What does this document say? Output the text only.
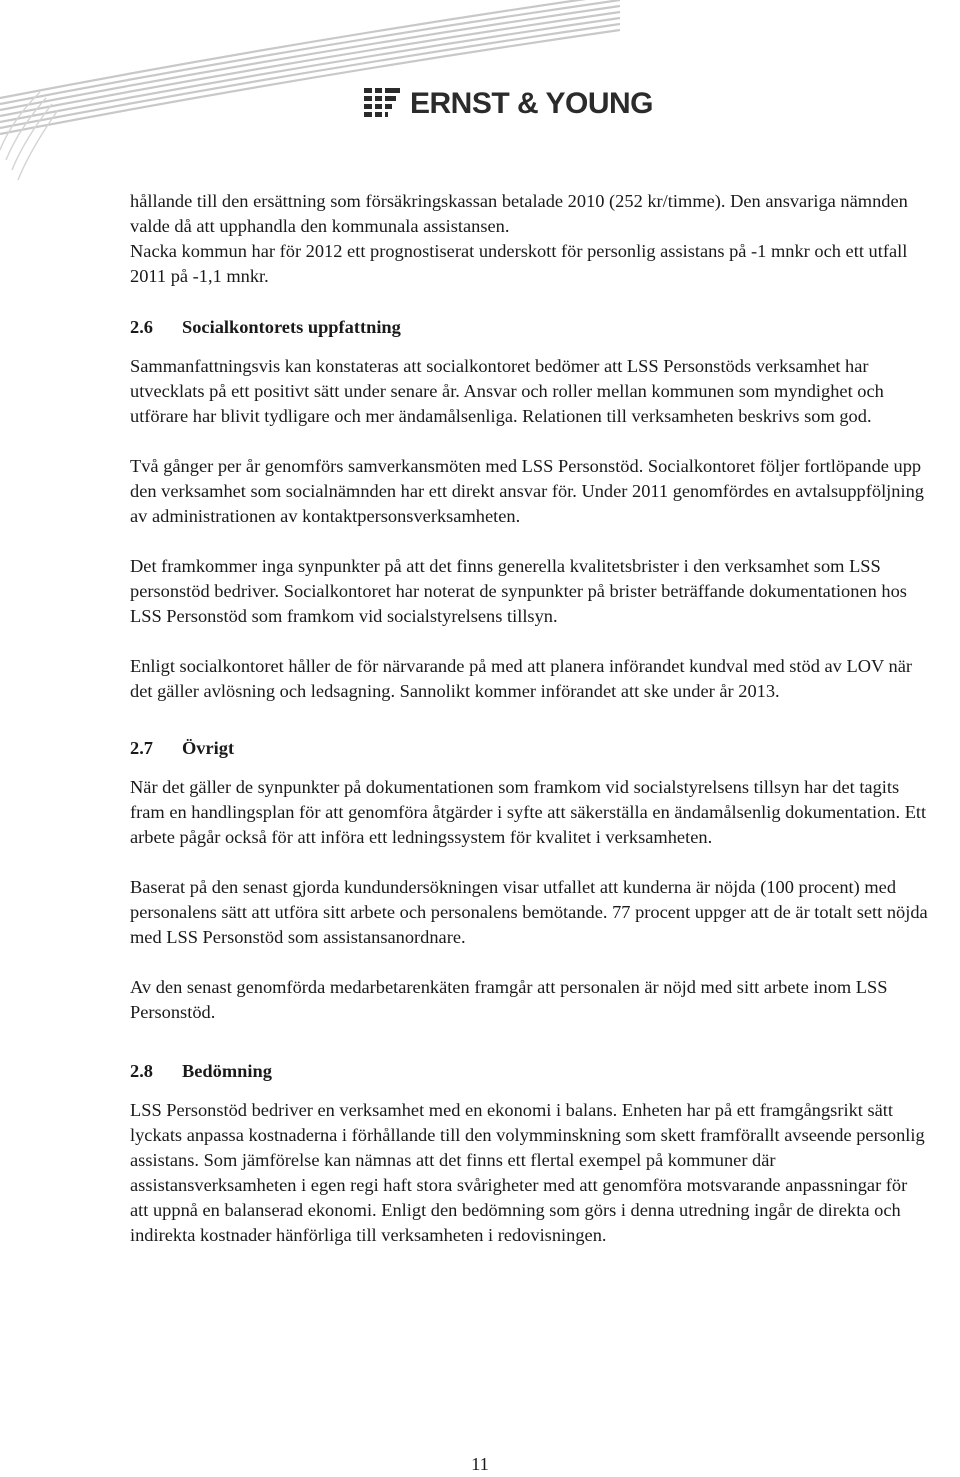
ERNST & YOUNG

hållande till den ersättning som försäkringskassan betalade 2010 (252 kr/timme). Den ansvariga nämnden valde då att upphandla den kommunala assistansen.

Nacka kommun har för 2012 ett prognostiserat underskott för personlig assistans på -1 mnkr och ett utfall 2011 på -1,1 mnkr.

2.6	Socialkontorets uppfattning

Sammanfattningsvis kan konstateras att socialkontoret bedömer att LSS Personstöds verksamhet har utvecklats på ett positivt sätt under senare år. Ansvar och roller mellan kommunen som myndighet och utförare har blivit tydligare och mer ändamålsenliga. Relationen till verksamheten beskrivs som god.

Två gånger per år genomförs samverkansmöten med LSS Personstöd. Socialkontoret följer fortlöpande upp den verksamhet som socialnämnden har ett direkt ansvar för. Under 2011 genomfördes en avtalsuppföljning av administrationen av kontaktpersonsverksamheten.

Det framkommer inga synpunkter på att det finns generella kvalitetsbrister i den verksamhet som LSS personstöd bedriver. Socialkontoret har noterat de synpunkter på brister beträffande dokumentationen hos LSS Personstöd som framkom vid socialstyrelsens tillsyn.

Enligt socialkontoret håller de för närvarande på med att planera införandet kundval med stöd av LOV när det gäller avlösning och ledsagning. Sannolikt kommer införandet att ske under år 2013.

2.7	Övrigt

När det gäller de synpunkter på dokumentationen som framkom vid socialstyrelsens tillsyn har det tagits fram en handlingsplan för att genomföra åtgärder i syfte att säkerställa en ändamålsenlig dokumentation. Ett arbete pågår också för att införa ett ledningssystem för kvalitet i verksamheten.

Baserat på den senast gjorda kundundersökningen visar utfallet att kunderna är nöjda (100 procent) med personalens sätt att utföra sitt arbete och personalens bemötande. 77 procent uppger att de är totalt sett nöjda med LSS Personstöd som assistansanordnare.

Av den senast genomförda medarbetarenkäten framgår att personalen är nöjd med sitt arbete inom LSS Personstöd.

2.8	Bedömning

LSS Personstöd bedriver en verksamhet med en ekonomi i balans. Enheten har på ett framgångsrikt sätt lyckats anpassa kostnaderna i förhållande till den volymminskning som skett framförallt avseende personlig assistans. Som jämförelse kan nämnas att det finns ett flertal exempel på kommuner där assistansverksamheten i egen regi haft stora svårigheter med att genomföra motsvarande anpassningar för att uppnå en balanserad ekonomi. Enligt den bedömning som görs i denna utredning ingår de direkta och indirekta kostnader hänförliga till verksamheten i redovisningen.

11
